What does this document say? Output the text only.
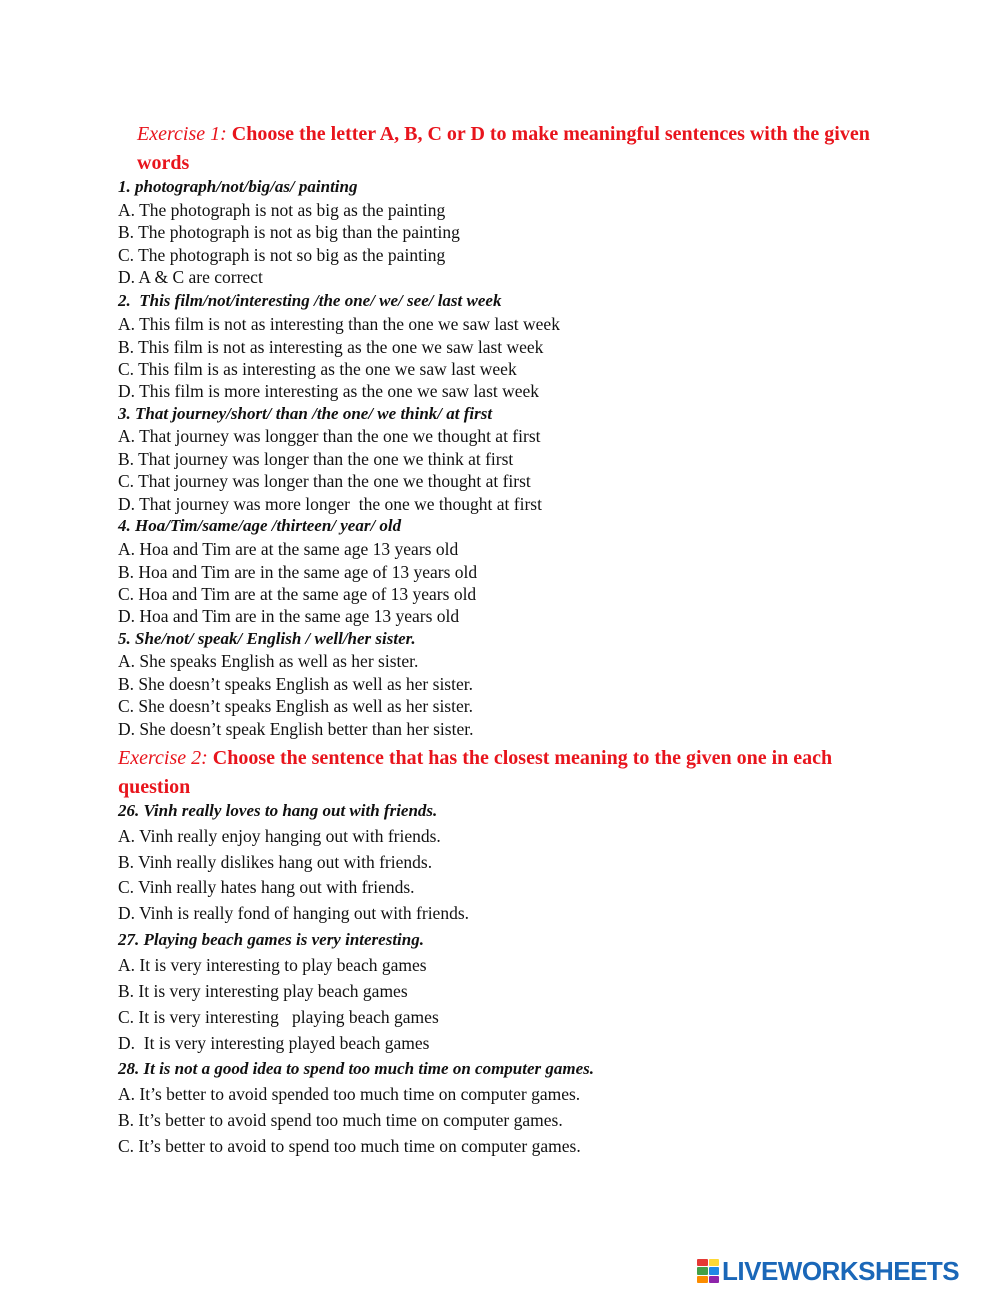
Exercise 1: Choose the letter A, B, C or D to make meaningful sentences with the given words
1. photograph/not/big/as/ painting
A. The photograph is not as big as the painting
B. The photograph is not as big than the painting
C. The photograph is not so big as the painting
D. A & C are correct
2.  This film/not/interesting /the one/ we/ see/ last week
A. This film is not as interesting than the one we saw last week
B. This film is not as interesting as the one we saw last week
C. This film is as interesting as the one we saw last week
D. This film is more interesting as the one we saw last week
3. That journey/short/ than /the one/ we think/ at first
A. That journey was longger than the one we thought at first
B. That journey was longer than the one we think at first
C. That journey was longer than the one we thought at first
D. That journey was more longer  the one we thought at first
4. Hoa/Tim/same/age /thirteen/ year/ old
A. Hoa and Tim are at the same age 13 years old
B. Hoa and Tim are in the same age of 13 years old
C. Hoa and Tim are at the same age of 13 years old
D. Hoa and Tim are in the same age 13 years old
5. She/not/ speak/ English / well/her sister.
A. She speaks English as well as her sister.
B. She doesn’t speaks English as well as her sister.
C. She doesn’t speaks English as well as her sister.
D. She doesn’t speak English better than her sister.
Exercise 2: Choose the sentence that has the closest meaning to the given one in each question
26. Vinh really loves to hang out with friends.
A. Vinh really enjoy hanging out with friends.
B. Vinh really dislikes hang out with friends.
C. Vinh really hates hang out with friends.
D. Vinh is really fond of hanging out with friends.
27. Playing beach games is very interesting.
A. It is very interesting to play beach games
B. It is very interesting play beach games
C. It is very interesting   playing beach games
D.  It is very interesting played beach games
28. It is not a good idea to spend too much time on computer games.
A. It’s better to avoid spended too much time on computer games.
B. It’s better to avoid spend too much time on computer games.
C. It’s better to avoid to spend too much time on computer games.
LIVEWORKSHEETS
